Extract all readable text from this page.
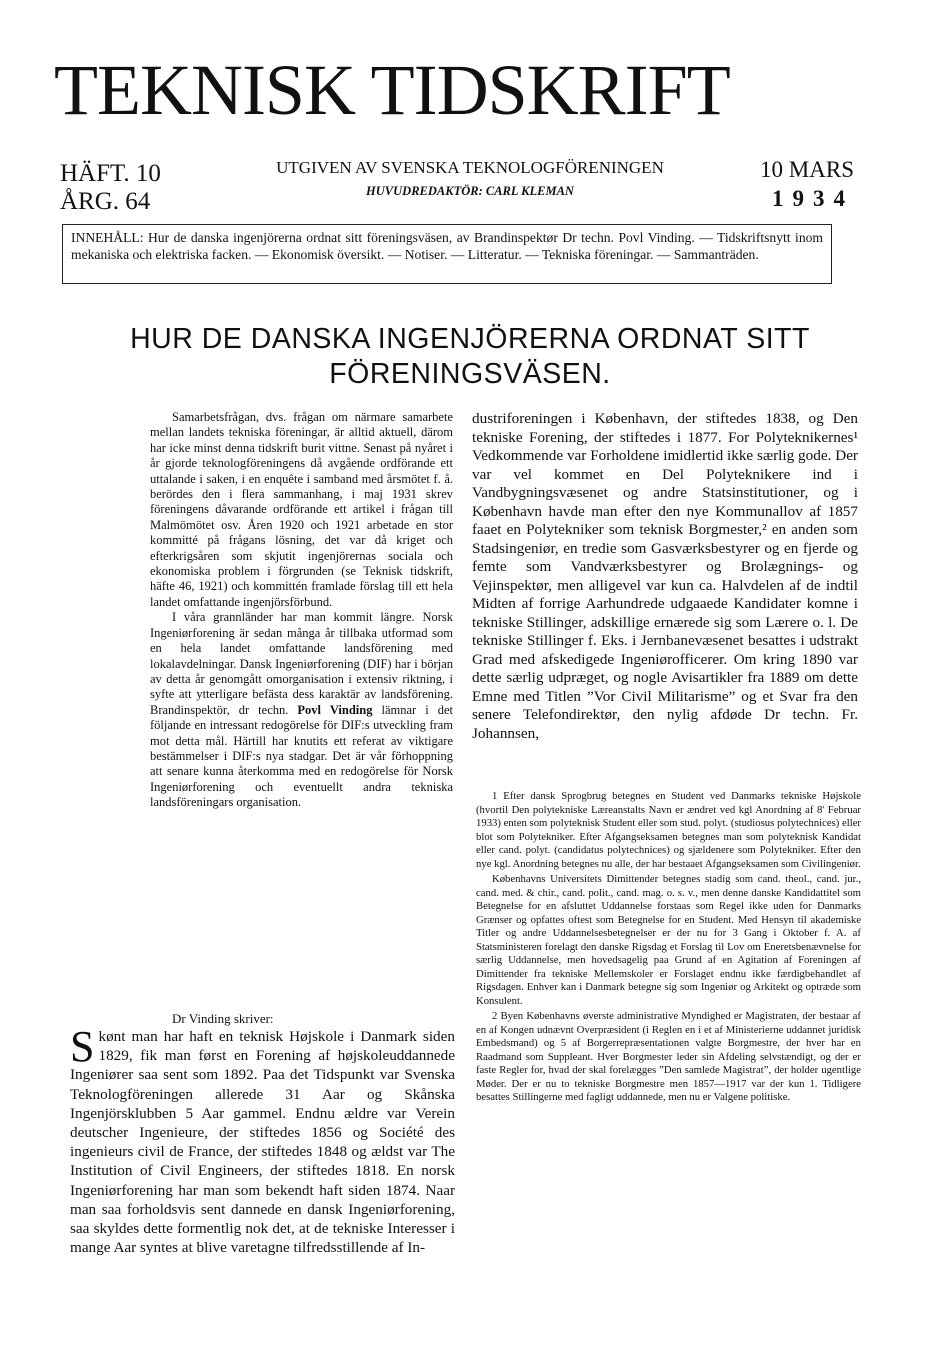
TEKNISK TIDSKRIFT
HÄFT. 10
ÅRG. 64
UTGIVEN AV SVENSKA TEKNOLOGFÖRENINGEN
HUVUDREDAKTÖR: CARL KLEMAN
10 MARS
1934
INNEHÅLL: Hur de danska ingenjörerna ordnat sitt föreningsväsen, av Brandinspektør Dr techn. Povl Vinding. — Tidskriftsnytt inom mekaniska och elektriska facken. — Ekonomisk översikt. — Notiser. — Litteratur. — Tekniska föreningar. — Sammanträden.
HUR DE DANSKA INGENJÖRERNA ORDNAT SITT
FÖRENINGSVÄSEN.

Samarbetsfrågan, dvs. frågan om närmare samarbete mellan landets tekniska föreningar, är alltid aktuell, därom har icke minst denna tidskrift burit vittne. Senast på nyåret i år gjorde teknologföreningens då avgående ordförande ett uttalande i saken, i en enquête i samband med årsmötet f. å. berördes den i flera sammanhang, i maj 1931 skrev föreningens dåvarande ordförande ett artikel i frågan till Malmömötet osv. Åren 1920 och 1921 arbetade en stor kommitté på frågans lösning, det var då kriget och efterkrigsåren som skjutit ingenjörernas sociala och ekonomiska problem i förgrunden (se Teknisk tidskrift, häfte 46, 1921) och kommittén framlade förslag till ett hela landet omfattande ingenjörsförbund.

I våra grannländer har man kommit längre. Norsk Ingeniørforening är sedan många år tillbaka utformad som en hela landet omfattande landsförening med lokalavdelningar. Dansk Ingeniørforening (DIF) har i början av detta år genomgått omorganisation i extensiv riktning, i syfte att ytterligare befästa dess karaktär av landsförening. Brandinspektör, dr techn. Povl Vinding lämnar i det följande en intressant redogörelse för DIF:s utveckling fram mot detta mål. Härtill har knutits ett referat av viktigare bestämmelser i DIF:s nya stadgar. Det är vår förhoppning att senare kunna återkomma med en redogörelse för Norsk Ingeniørforening och eventuellt andra tekniska landsföreningars organisation.

Dr Vinding skriver:
Skønt man har haft en teknisk Højskole i Danmark siden 1829, fik man først en Forening af højskoleuddannede Ingeniører saa sent som 1892. Paa det Tidspunkt var Svenska Teknologföreningen allerede 31 Aar og Skånska Ingenjörsklubben 5 Aar gammel. Endnu ældre var Verein deutscher Ingenieure, der stiftedes 1856 og Société des ingenieurs civil de France, der stiftedes 1848 og ældst var The Institution of Civil Engineers, der stiftedes 1818. En norsk Ingeniørforening har man som bekendt haft siden 1874. Naar man saa forholdsvis sent dannede en dansk Ingeniørforening, saa skyldes dette formentlig nok det, at de tekniske Interesser i mange Aar syntes at blive varetagne tilfredsstillende af In-
dustriforeningen i København, der stiftedes 1838, og Den tekniske Forening, der stiftedes i 1877. For Polyteknikernes¹ Vedkommende var Forholdene imidlertid ikke særlig gode. Der var vel kommet en Del Polyteknikere ind i Vandbygningsvæsenet og andre Statsinstitutioner, og i København havde man efter den nye Kommunallov af 1857 faaet en Polytekniker som teknisk Borgmester,² en anden som Stadsingeniør, en tredie som Gasværksbestyrer og en fjerde og femte som Vandværksbestyrer og Brolægnings- og Vejinspektør, men alligevel var kun ca. Halvdelen af de indtil Midten af forrige Aarhundrede udgaaede Kandidater komne i tekniske Stillinger, adskillige ernærede sig som Lærere o. l. De tekniske Stillinger f. Eks. i Jernbanevæsenet besattes i udstrakt Grad med afskedigede Ingeniørofficerer. Om kring 1890 var dette særlig udpræget, og nogle Avisartikler fra 1889 om dette Emne med Titlen ”Vor Civil Militarisme” og et Svar fra den senere Telefondirektør, den nylig afdøde Dr techn. Fr. Johannsen,

1 Efter dansk Sprogbrug betegnes en Student ved Danmarks tekniske Højskole (hvortil Den polytekniske Læreanstalts Navn er ændret ved kgl Anordning af 8' Februar 1933) enten som polyteknisk Student eller som stud. polyt. (studiosus polytechnices) eller blot som Polytekniker. Efter Afgangseksamen betegnes man som polyteknisk Kandidat eller cand. polyt. (candidatus polytechnices) og sjældenere som Polytekniker. Efter den nye kgl. Anordning betegnes nu alle, der har bestaaet Afgangseksamen som Civilingeniør.

Københavns Universitets Dimittender betegnes stadig som cand. theol., cand. jur., cand. med. & chir., cand. polit., cand. mag. o. s. v., men denne danske Kandidattitel som Betegnelse for en afsluttet Uddannelse forstaas som Regel ikke uden for Danmarks Grænser og opfattes oftest som Betegnelse for en Student. Med Hensyn til akademiske Titler og andre Uddannelsesbetegnelser er der nu for 3 Gang i Oktober f. A. af Statsministeren forelagt den danske Rigsdag et Forslag til Lov om Eneretsbenævnelse for særlig Uddannelse, men hovedsagelig paa Grund af en Agitation af Foreningen af Dimittender fra tekniske Mellemskoler er Forslaget endnu ikke færdigbehandlet af Rigsdagen. Enhver kan i Danmark betegne sig som Ingeniør og Arkitekt og optræde som Konsulent.

2 Byen Københavns øverste administrative Myndighed er Magistraten, der bestaar af en af Kongen udnævnt Overpræsident (i Reglen en i et af Ministerierne uddannet juridisk Embedsmand) og 5 af Borgerrepræsentationen valgte Borgmestre, der hver har en Raadmand som Suppleant. Hver Borgmester leder sin Afdeling selvstændigt, og der er faste Regler for, hvad der skal forelægges ”Den samlede Magistrat”, der holder ugentlige Møder. Der er nu to tekniske Borgmestre men 1857—1917 var der kun 1. Tidligere besattes Stillingerne med fagligt uddannede, men nu er Valgene politiske.
